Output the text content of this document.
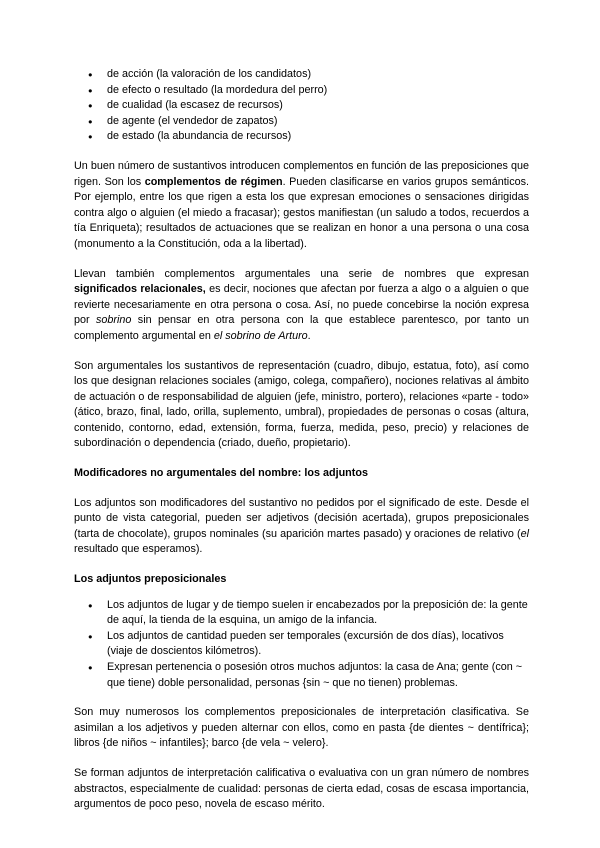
● de acción (la valoración de los candidatos)
● de efecto o resultado (la mordedura del perro)
● de cualidad (la escasez de recursos)
● de agente (el vendedor de zapatos)
● de estado (la abundancia de recursos)

Un buen número de sustantivos introducen complementos en función de las preposiciones que rigen. Son los complementos de régimen. Pueden clasificarse en varios grupos semánticos. Por ejemplo, entre los que rigen a esta los que expresan emociones o sensaciones dirigidas contra algo o alguien (el miedo a fracasar); gestos manifiestan (un saludo a todos, recuerdos a tía Enriqueta); resultados de actuaciones que se realizan en honor a una persona o una cosa (monumento a la Constitución, oda a la libertad).

Llevan también complementos argumentales una serie de nombres que expresan significados relacionales, es decir, nociones que afectan por fuerza a algo o a alguien o que revierte necesariamente en otra persona o cosa. Así, no puede concebirse la noción expresa por sobrino sin pensar en otra persona con la que establece parentesco, por tanto un complemento argumental en el sobrino de Arturo.

Son argumentales los sustantivos de representación (cuadro, dibujo, estatua, foto), así como los que designan relaciones sociales (amigo, colega, compañero), nociones relativas al ámbito de actuación o de responsabilidad de alguien (jefe, ministro, portero), relaciones «parte - todo» (ático, brazo, final, lado, orilla, suplemento, umbral), propiedades de personas o cosas (altura, contenido, contorno, edad, extensión, forma, fuerza, medida, peso, precio) y relaciones de subordinación o dependencia (criado, dueño, propietario).

Modificadores no argumentales del nombre: los adjuntos

Los adjuntos son modificadores del sustantivo no pedidos por el significado de este. Desde el punto de vista categorial, pueden ser adjetivos (decisión acertada), grupos preposicionales (tarta de chocolate), grupos nominales (su aparición martes pasado) y oraciones de relativo (el resultado que esperamos).

Los adjuntos preposicionales
● Los adjuntos de lugar y de tiempo suelen ir encabezados por la preposición de: la gente de aquí, la tienda de la esquina, un amigo de la infancia.
● Los adjuntos de cantidad pueden ser temporales (excursión de dos días), locativos (viaje de doscientos kilómetros).
● Expresan pertenencia o posesión otros muchos adjuntos: la casa de Ana; gente (con ~ que tiene) doble personalidad, personas {sin ~ que no tienen) problemas.

Son muy numerosos los complementos preposicionales de interpretación clasificativa. Se asimilan a los adjetivos y pueden alternar con ellos, como en pasta {de dientes ~ dentífrica}; libros {de niños ~ infantiles}; barco {de vela ~ velero}.

Se forman adjuntos de interpretación calificativa o evaluativa con un gran número de nombres abstractos, especialmente de cualidad: personas de cierta edad, cosas de escasa importancia, argumentos de poco peso, novela de escaso mérito.
